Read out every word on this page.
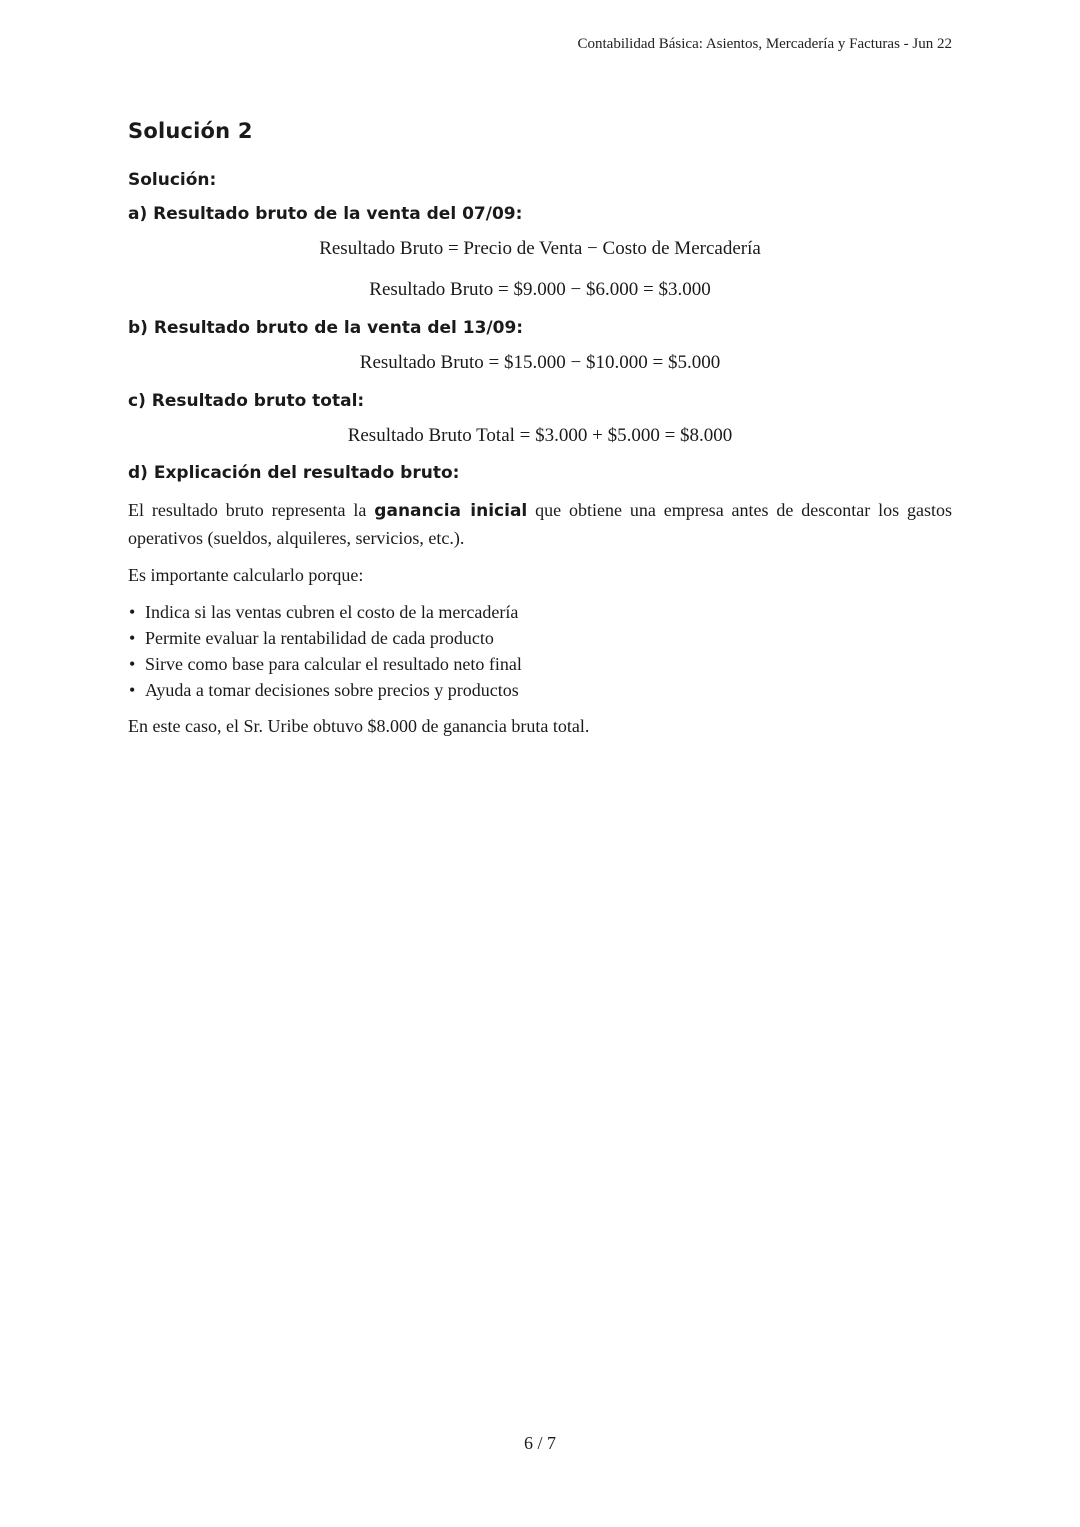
Contabilidad Básica: Asientos, Mercadería y Facturas - Jun 22
Solución 2
Solución:
a) Resultado bruto de la venta del 07/09:
Resultado Bruto = Precio de Venta − Costo de Mercadería
Resultado Bruto = $9.000 − $6.000 = $3.000
b) Resultado bruto de la venta del 13/09:
Resultado Bruto = $15.000 − $10.000 = $5.000
c) Resultado bruto total:
Resultado Bruto Total = $3.000 + $5.000 = $8.000
d) Explicación del resultado bruto:

El resultado bruto representa la ganancia inicial que obtiene una empresa antes de descontar los gastos operativos (sueldos, alquileres, servicios, etc.).

Es importante calcularlo porque:

• Indica si las ventas cubren el costo de la mercadería
• Permite evaluar la rentabilidad de cada producto
• Sirve como base para calcular el resultado neto final
• Ayuda a tomar decisiones sobre precios y productos

En este caso, el Sr. Uribe obtuvo $8.000 de ganancia bruta total.

6 / 7
